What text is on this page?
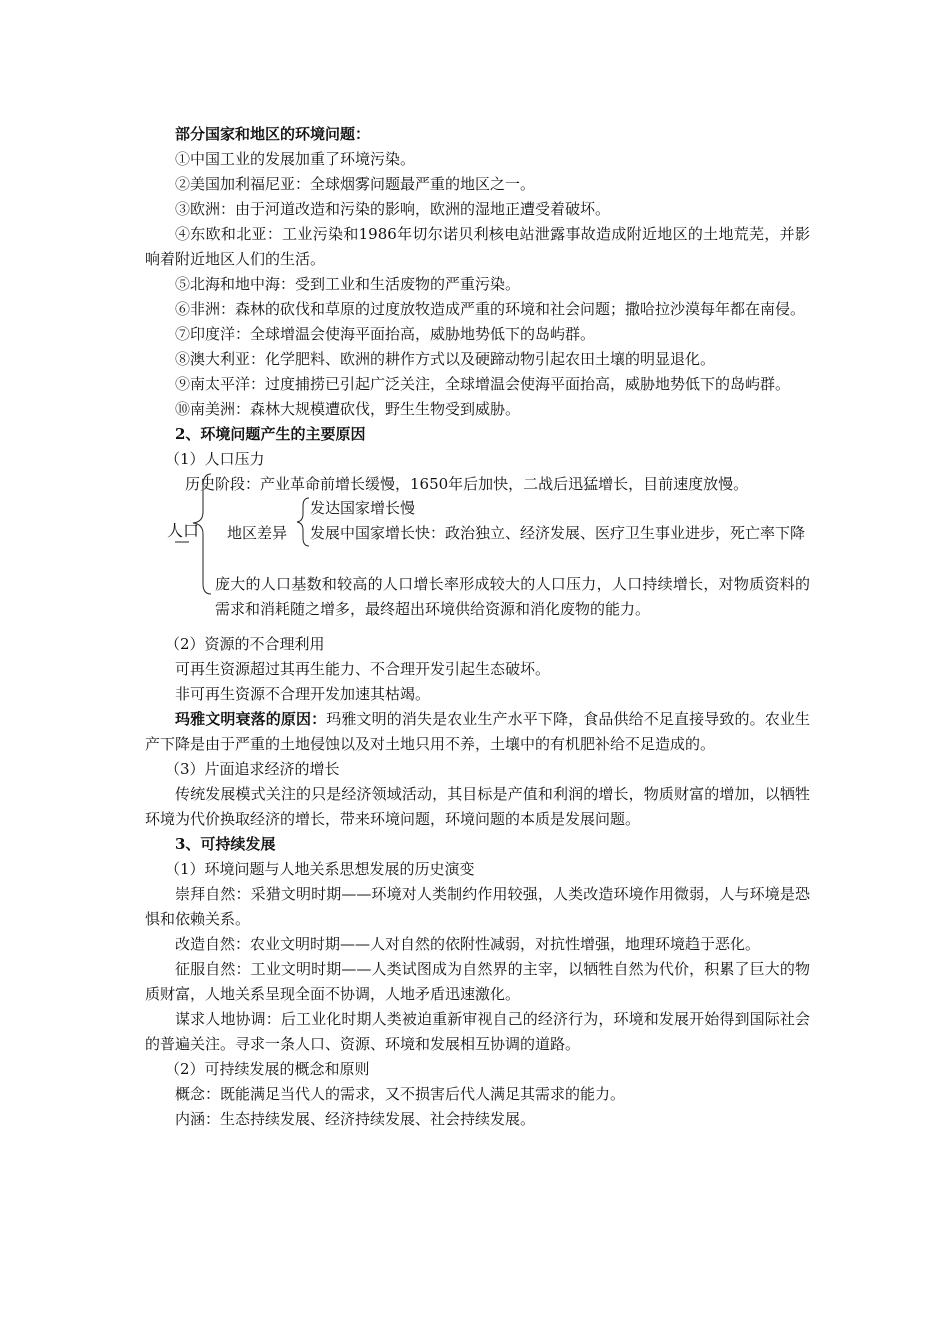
部分国家和地区的环境问题：

①中国工业的发展加重了环境污染。

②美国加利福尼亚：全球烟雾问题最严重的地区之一。

③欧洲：由于河道改造和污染的影响，欧洲的湿地正遭受着破坏。

④东欧和北亚：工业污染和1986年切尔诺贝利核电站泄露事故造成附近地区的土地荒芜，并影响着附近地区人们的生活。

⑤北海和地中海：受到工业和生活废物的严重污染。

⑥非洲：森林的砍伐和草原的过度放牧造成严重的环境和社会问题；撒哈拉沙漠每年都在南侵。

⑦印度洋：全球增温会使海平面抬高，威胁地势低下的岛屿群。

⑧澳大利亚：化学肥料、欧洲的耕作方式以及硬蹄动物引起农田土壤的明显退化。

⑨南太平洋：过度捕捞已引起广泛关注，全球增温会使海平面抬高，威胁地势低下的岛屿群。

⑩南美洲：森林大规模遭砍伐，野生生物受到威胁。

2、环境问题产生的主要原因

（1）人口压力

历史阶段：产业革命前增长缓慢，1650年后加快，二战后迅猛增长，目前速度放慢。
人口 地区差异
发达国家增长慢
发展中国家增长快：政治独立、经济发展、医疗卫生事业进步，死亡率下降
庞大的人口基数和较高的人口增长率形成较大的人口压力，人口持续增长，对物质资料的需求和消耗随之增多，最终超出环境供给资源和消化废物的能力。

（2）资源的不合理利用

可再生资源超过其再生能力、不合理开发引起生态破坏。

非可再生资源不合理开发加速其枯竭。

玛雅文明衰落的原因：玛雅文明的消失是农业生产水平下降，食品供给不足直接导致的。农业生产下降是由于严重的土地侵蚀以及对土地只用不养，土壤中的有机肥补给不足造成的。

（3）片面追求经济的增长

传统发展模式关注的只是经济领域活动，其目标是产值和利润的增长，物质财富的增加，以牺牲环境为代价换取经济的增长，带来环境问题，环境问题的本质是发展问题。

3、可持续发展

（1）环境问题与人地关系思想发展的历史演变

崇拜自然：采猎文明时期——环境对人类制约作用较强，人类改造环境作用微弱，人与环境是恐惧和依赖关系。

改造自然：农业文明时期——人对自然的依附性减弱，对抗性增强，地理环境趋于恶化。

征服自然：工业文明时期——人类试图成为自然界的主宰，以牺牲自然为代价，积累了巨大的物质财富，人地关系呈现全面不协调，人地矛盾迅速激化。

谋求人地协调：后工业化时期人类被迫重新审视自己的经济行为，环境和发展开始得到国际社会的普遍关注。寻求一条人口、资源、环境和发展相互协调的道路。

（2）可持续发展的概念和原则

概念：既能满足当代人的需求，又不损害后代人满足其需求的能力。

内涵：生态持续发展、经济持续发展、社会持续发展。
